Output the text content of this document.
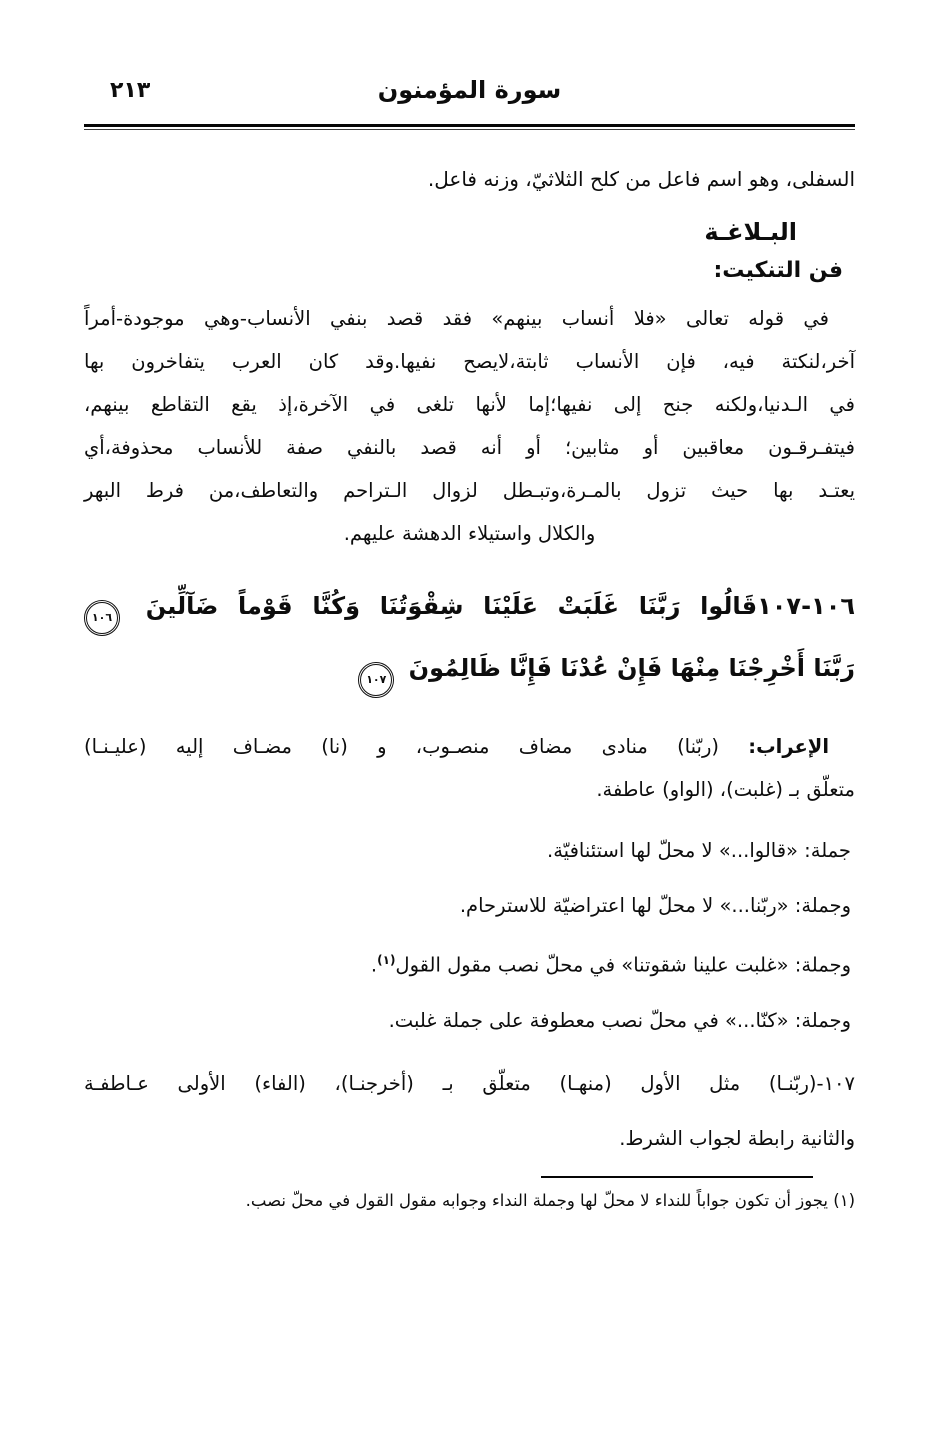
٢١٣	سورة المؤمنون
السفلى، وهو اسم فاعل من كلح الثلاثيّ، وزنه فاعل.
البـلاغـة
فن التنكيت:
في قوله تعالى «فلا أنساب بينهم» فقد قصد بنفي الأنساب-وهي موجودة-أمراً
آخر،لنكتة فيه، فإن الأنساب ثابتة،لايصح نفيها.وقد كان العرب يتفاخرون بها
في الـدنيا،ولكنه جنح إلى نفيها؛إما لأنها تلغى في الآخرة،إذ يقع التقاطع بينهم،
فيتفـرقـون معاقبين أو مثابين؛ أو أنه قصد بالنفي صفة للأنساب محذوفة،أي
يعتـد بها حيث تزول بالمـرة،وتبـطل لزوال الـتراحم والتعاطف،من فرط البهر
والكلال واستيلاء الدهشة عليهم.
١٠٦-١٠٧قَالُوا رَبَّنَا غَلَبَتْ عَلَيْنَا شِقْوَتُنَا وَكُنَّا قَوْماً ضَآلِّينَ ١٠٦
رَبَّنَا أَخْرِجْنَا مِنْهَا فَإِنْ عُدْنَا فَإِنَّا ظَالِمُونَ ١٠٧
الإعراب: (ربّنا) منادى مضاف منصـوب، و (نا) مضـاف إليه (عليـنـا)
متعلّق بـ (غلبت)، (الواو) عاطفة.
جملة: «قالوا...» لا محلّ لها استئنافيّة.
وجملة: «ربّنا...» لا محلّ لها اعتراضيّة للاسترحام.
وجملة: «غلبت علينا شقوتنا» في محلّ نصب مقول القول$^{(١)}$.
وجملة: «كنّا...» في محلّ نصب معطوفة على جملة غلبت.
١٠٧-(ربّنـا) مثل الأول (منهـا) متعلّق بـ (أخرجنـا)، (الفاء) الأولى عـاطفـة
والثانية رابطة لجواب الشرط.
(١) يجوز أن تكون جواباً للنداء لا محلّ لها وجملة النداء وجوابه مقول القول في محلّ نصب.
